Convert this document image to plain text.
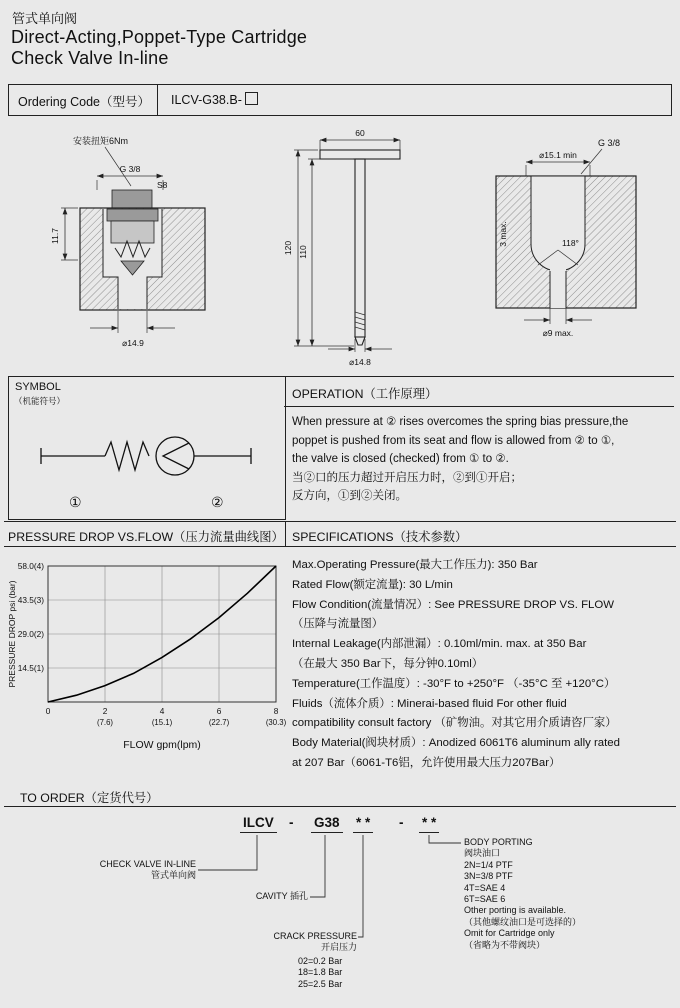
管式单向阀
Direct-Acting,Poppet-Type Cartridge
Check Valve In-line
Ordering Code（型号） ILCV-G38.B-
安装扭矩6Nm
G 3/8
S8
11.7
⌀14.9
60
120 110
⌀14.8
G 3/8
⌀15.1 min
118°
3 max.
⌀9 max.
SYMBOL
（机能符号）
①	②
OPERATION（工作原理）
When pressure at ② rises overcomes the spring bias pressure,the
poppet is pushed from its seat and flow is allowed from ② to ①,
the valve is closed (checked) from ① to ②.
当②口的压力超过开启压力时，②到①开启；
反方向，①到②关闭。
PRESSURE DROP VS.FLOW（压力流量曲线图） SPECIFICATIONS（技术参数）
14.5(1)
29.0(2)
43.5(3)
58.0(4)
0	2
(7.6)
4
(15.1)
6
(22.7)
8
(30.3)
PRESSURE DROP psi (bar)
FLOW gpm(lpm)
Max.Operating Pressure(最大工作压力): 350 Bar
Rated Flow(额定流量): 30 L/min
Flow Condition(流量情况）: See PRESSURE DROP VS. FLOW
（压降与流量图）
Internal Leakage(内部泄漏）: 0.10ml/min. max. at 350 Bar
（在最大 350 Bar下，每分钟0.10ml）
Temperature(工作温度）: -30°F to +250°F （-35°C 至 +120°C）
Fluids（流体介质）: Minerai-based fluid For other fluid
compatibility consult factory （矿物油。对其它用介质请咨厂家）
Body Material(阀块材质）: Anodized 6061T6 aluminum ally rated
at 207 Bar（6061-T6铝，允许使用最大压力207Bar）
TO ORDER（定货代号）
ILCV - G38 * * - * *
CHECK VALVE IN-LINE
管式单向阀
CAVITY 插孔
CRACK PRESSURE
开启压力
02=0.2 Bar
18=1.8 Bar
25=2.5 Bar
BODY PORTING
阀块油口
2N=1/4 PTF
3N=3/8 PTF
4T=SAE 4
6T=SAE 6
Other porting is available.
（其他螺纹油口是可选择的）
Omit for Cartridge only
（省略为不带阀块）
